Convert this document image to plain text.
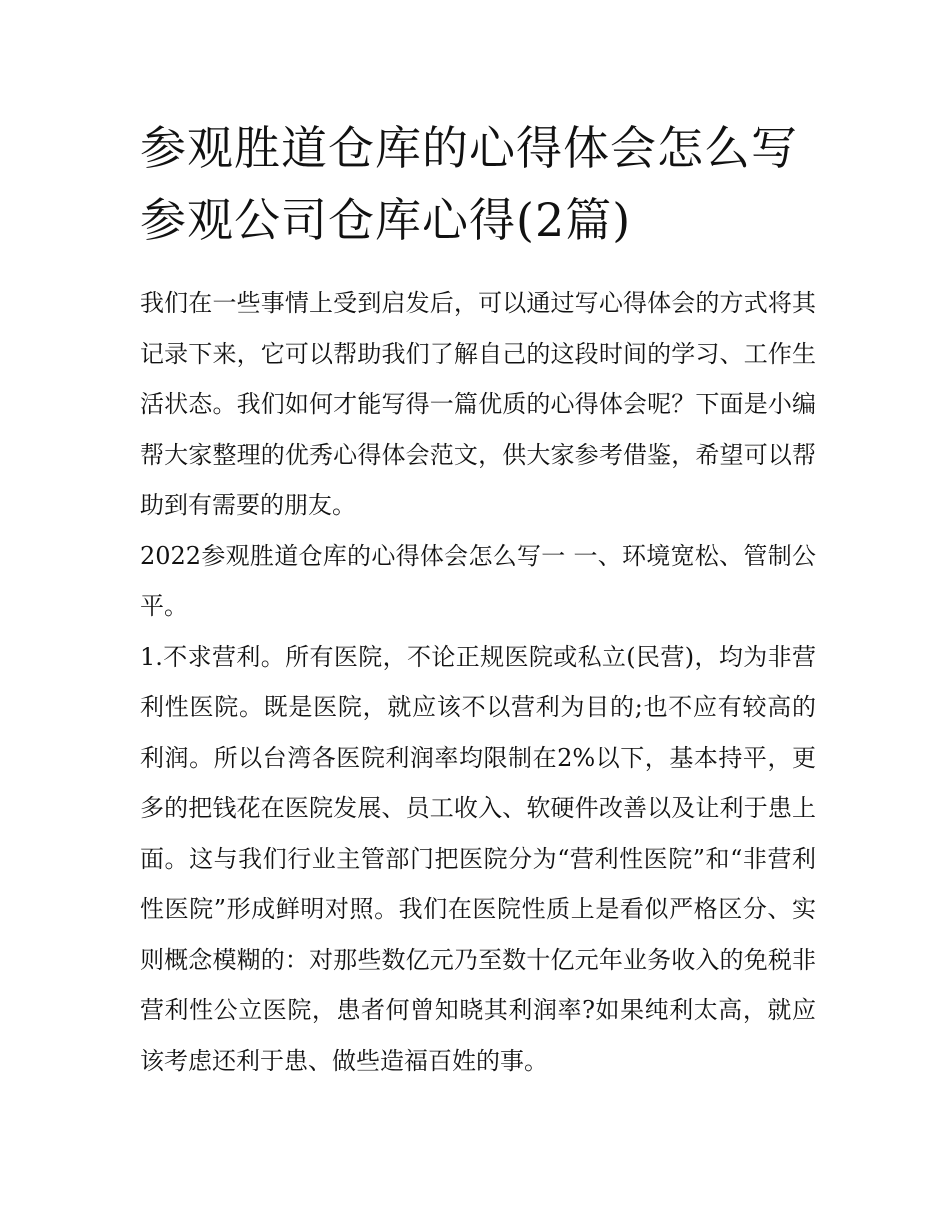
参观胜道仓库的心得体会怎么写 参观公司仓库心得(2篇)

我们在一些事情上受到启发后，可以通过写心得体会的方式将其记录下来，它可以帮助我们了解自己的这段时间的学习、工作生活状态。我们如何才能写得一篇优质的心得体会呢？下面是小编帮大家整理的优秀心得体会范文，供大家参考借鉴，希望可以帮助到有需要的朋友。

2022参观胜道仓库的心得体会怎么写一 一、环境宽松、管制公平。

1.不求营利。所有医院，不论正规医院或私立(民营)，均为非营利性医院。既是医院，就应该不以营利为目的;也不应有较高的利润。所以台湾各医院利润率均限制在2%以下，基本持平，更多的把钱花在医院发展、员工收入、软硬件改善以及让利于患上面。这与我们行业主管部门把医院分为“营利性医院”和“非营利性医院”形成鲜明对照。我们在医院性质上是看似严格区分、实则概念模糊的：对那些数亿元乃至数十亿元年业务收入的免税非营利性公立医院，患者何曾知晓其利润率?如果纯利太高，就应该考虑还利于患、做些造福百姓的事。
